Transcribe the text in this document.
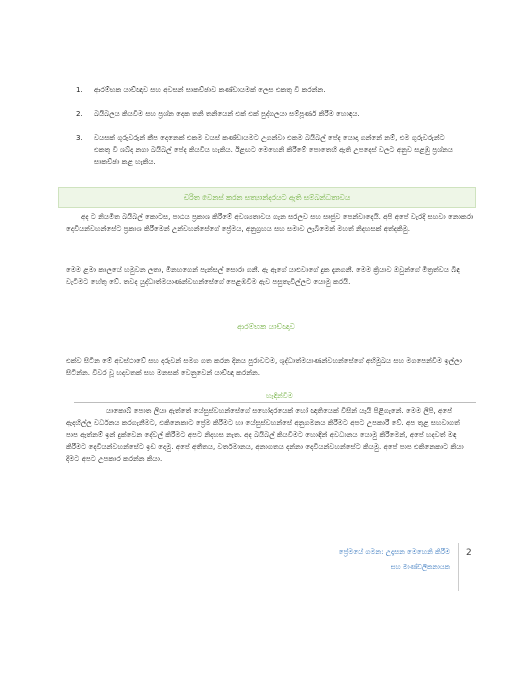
1.	ආරම්භක යාච්ඥාව සහ අවසන් සාකච්ඡාව කණ්ඩායමක් ලෙස එකතු වී කරන්න.
2.	බයිබලය කියවීම සහ ප්‍රශ්න දෙක තනි තනියෙන් එක් එක් පුද්ගලයා සම්පූර්ණ කිරීම හොඳය.
3.	වයසක් ගුරුවරුන් කීප දෙනෙක් එකම වයස් කණ්ඩායමට උගන්වා එකම බයිබල් පේද යොදා ගන්නේ නම්, එම ගුරුවරුන්ට එකතු වී ශබ්ද නගා බයිබල් පේද කියවිය හැකිය. ඊළඟට මෙහෙනි කිරීමේ පොතෙහි ඇති උපදෙස් වලට අනුව සළඹු ප්‍රශ්නය සාකච්ඡා කළ හැකිය.
චරිත වෙනස් කරන සත්‍යාන්දරයට ඇති සම්බන්ධතාවය

අද ට නියමිත බයිබල් කොටස, පාඨය ප්‍රකාශ කිරීමේ අවශ්‍යතාවය ගැන සරලව සහ සෘජුව පෙන්වාදෙයි. අපි අපේ වැරදි සහවා නොකරා දෙවියන්වහන්සේට ප්‍රකාශ කිරීමෙන් උන්වහන්සේගේ ප්‍රේමය, අනුග්‍රහය සහ සමාව ලැබීමෙන් මහත් නිදහසක් අත්දකිමු.

මෙම ළමා කාලයේ හමුවන ලතා, මිනහගෙන් පැන්සල් සොරා ගනී. ඇ ඇගේ යාළුවාගේ දුක දැනගනී. මෙම ක්‍රියාව ඔවුන්ගේ මිත්‍රත්වය බිඳ වැටීමට හේතු වේ. තවද යුද්ධාත්මයාණන්වහන්සේගේ පෙළඹවීම ඇව පසුතැවිල්ලට යොමු කරයි.

ආරම්භක යාච්ඥාව

එක්ව සිටින මේ අවස්ථාවේ සහ දරුවන් සමග ගත කරන දිනය පුරාවටම, ශුද්ධාත්මයාණන්වහන්සේගේ අභිමුඛය සහ මගපෙන්වීම ඉල්ලා සිටින්න. විවර වූ හදවතක් සහ මනසක් වෙනුවෙන් යාච්ඥා කරන්න.

හැඳින්වීම

යාකොබ් පොත ලියා ඇත්තේ යේසුස්වහන්සේගේ සහෝදරයෙක් හෝ ඥාතියෙක් විසින් යැයි පිළිගැනේ. මෙම ලිපි, අපේ ඇදහිල්ල වර්ධනය කරගැනීමට, එකිනෙකාට ප්‍රේම කිරීමට හා යේසුස්වහන්සේ අනුගමනය කිරීමට අපට උපකාරී වේ. අප තුළ සහවාගත් පාප ඇත්නම් ඉන් දුක්වෙන දේවල් කිරීමට අපට නිදහස නැත. අද බයිබල් කියවීමට හොඳින් අවධානය යොමු කිරීමෙන්, අපේ හදවත් මඳ කිරීමට දෙවියන්වහන්සේට ඉඩ දෙමු. අපේ අතීතය, වර්තමානය, අනාගතය දන්නා දෙවියන්වහන්සේට කියමු. අපේ පාප එකිනෙකාට කියා දීමට අපට උපකාර කරන්න කියා.

ප්‍රේමයේ ගමන: උදෑසන මෙහෙනි කිරීම
සහ මාණ්ඩලිකනායක
2
